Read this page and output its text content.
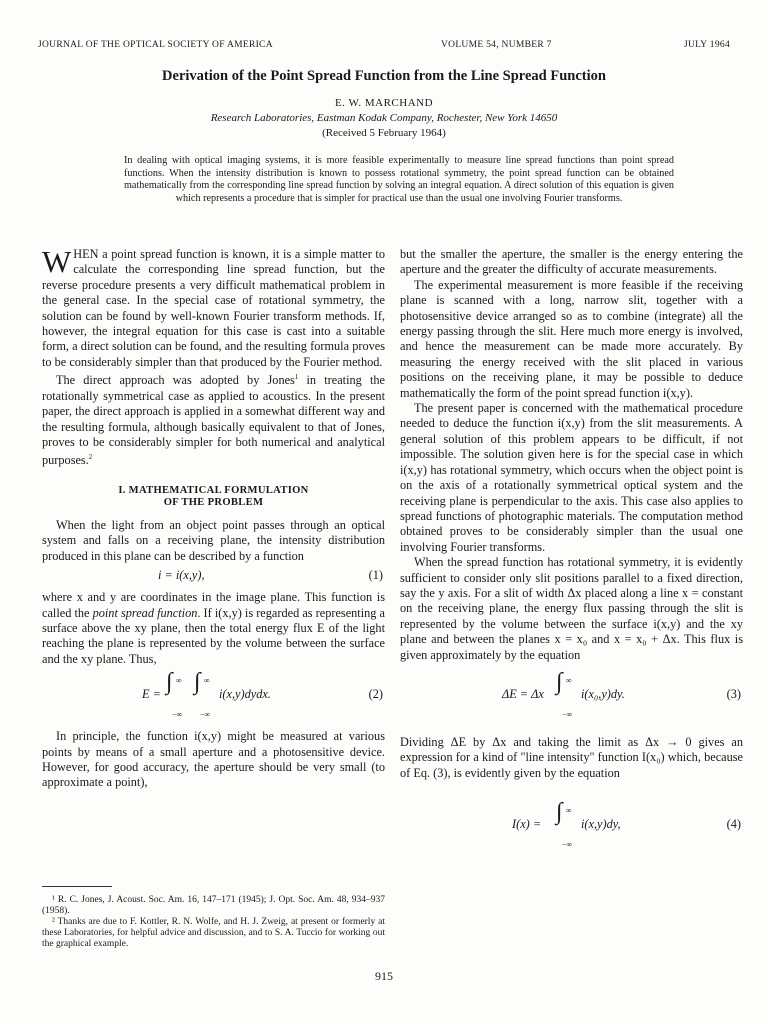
JOURNAL OF THE OPTICAL SOCIETY OF AMERICA	VOLUME 54, NUMBER 7	JULY 1964
Derivation of the Point Spread Function from the Line Spread Function
E. W. MARCHAND
Research Laboratories, Eastman Kodak Company, Rochester, New York 14650
(Received 5 February 1964)
In dealing with optical imaging systems, it is more feasible experimentally to measure line spread functions than point spread functions. When the intensity distribution is known to possess rotational symmetry, the point spread function can be obtained mathematically from the corresponding line spread function by solving an integral equation. A direct solution of this equation is given which represents a procedure that is simpler for practical use than the usual one involving Fourier transforms.

WHEN a point spread function is known, it is a simple matter to calculate the corresponding line spread function, but the reverse procedure presents a very difficult mathematical problem in the general case. In the special case of rotational symmetry, the solution can be found by well-known Fourier transform methods. If, however, the integral equation for this case is cast into a suitable form, a direct solution can be found, and the resulting formula proves to be considerably simpler than that produced by the Fourier method.

The direct approach was adopted by Jones$^1$ in treating the rotationally symmetrical case as applied to acoustics. In the present paper, the direct approach is applied in a somewhat different way and the resulting formula, although basically equivalent to that of Jones, proves to be considerably simpler for both numerical and analytical purposes.$^2$

I. MATHEMATICAL FORMULATION
OF THE PROBLEM

When the light from an object point passes through an optical system and falls on a receiving plane, the intensity distribution produced in this plane can be described by a function

i = i(x,y),	(1)

where x and y are coordinates in the image plane. This function is called the point spread function. If i(x,y) is regarded as representing a surface above the xy plane, then the total energy flux E of the light reaching the plane is represented by the volume between the surface and the xy plane. Thus,

E = ∫ ∞
−∞
∫ ∞
−∞
i(x,y)dydx.	(2)

In principle, the function i(x,y) might be measured at various points by means of a small aperture and a photosensitive device. However, for good accuracy, the aperture should be very small (to approximate a point),

¹ R. C. Jones, J. Acoust. Soc. Am. 16, 147–171 (1945); J. Opt. Soc. Am. 48, 934–937 (1958).

² Thanks are due to F. Kottler, R. N. Wolfe, and H. J. Zweig, at present or formerly at these Laboratories, for helpful advice and discussion, and to S. A. Tuccio for working out the graphical example.

but the smaller the aperture, the smaller is the energy entering the aperture and the greater the difficulty of accurate measurements.

The experimental measurement is more feasible if the receiving plane is scanned with a long, narrow slit, together with a photosensitive device arranged so as to combine (integrate) all the energy passing through the slit. Here much more energy is involved, and hence the measurement can be made more accurately. By measuring the energy received with the slit placed in various positions on the receiving plane, it may be possible to deduce mathematically the form of the point spread function i(x,y).

The present paper is concerned with the mathematical procedure needed to deduce the function i(x,y) from the slit measurements. A general solution of this problem appears to be difficult, if not impossible. The solution given here is for the special case in which i(x,y) has rotational symmetry, which occurs when the object point is on the axis of a rotationally symmetrical optical system and the receiving plane is perpendicular to the axis. This case also applies to spread functions of photographic materials. The computation method obtained proves to be considerably simpler than the usual one involving Fourier transforms.

When the spread function has rotational symmetry, it is evidently sufficient to consider only slit positions parallel to a fixed direction, say the y axis. For a slit of width Δx placed along a line x = constant on the receiving plane, the energy flux passing through the slit is represented by the volume between the surface i(x,y) and the xy plane and between the planes x = x₀ and x = x₀ + Δx. This flux is given approximately by the equation

ΔE = Δx ∫ ∞
−∞
i(x₀,y)dy.	(3)

Dividing ΔE by Δx and taking the limit as Δx → 0 gives an expression for a kind of "line intensity" function I(x₀) which, because of Eq. (3), is evidently given by the equation

I(x) = ∫ ∞
−∞
i(x,y)dy,	(4)
915
